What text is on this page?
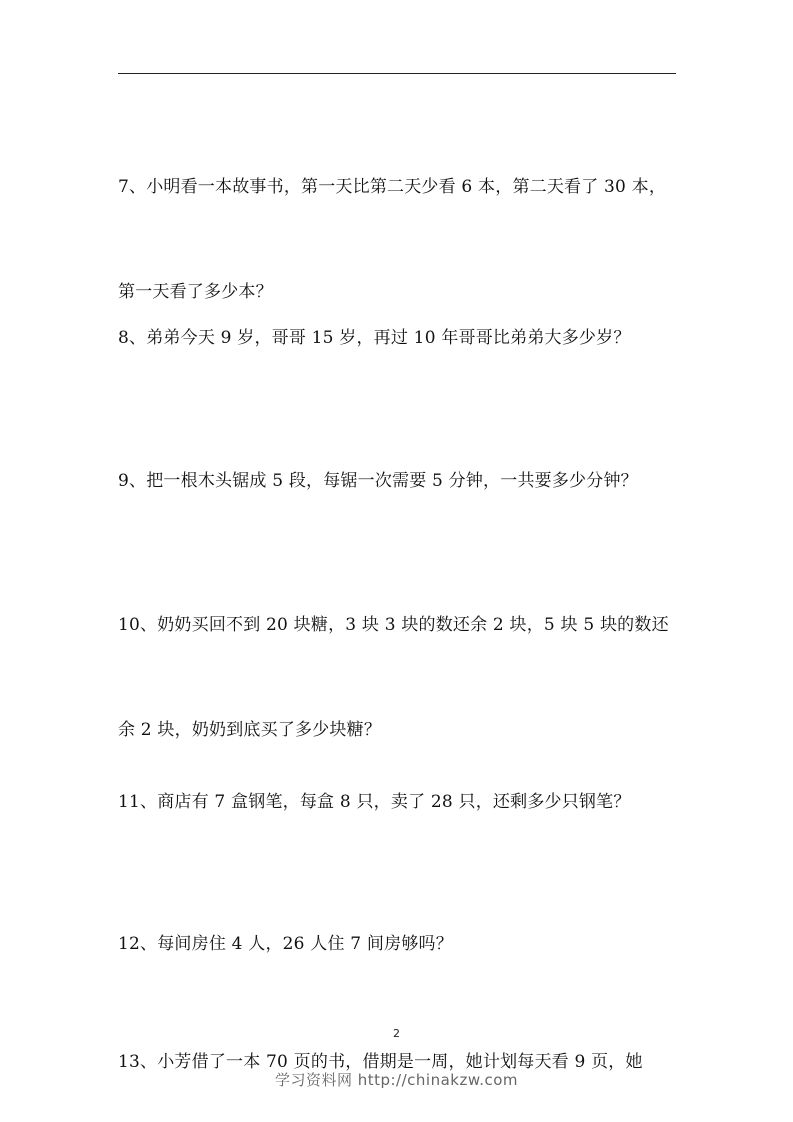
7、小明看一本故事书，第一天比第二天少看 6 本，第二天看了 30 本，

第一天看了多少本？

8、弟弟今天 9 岁，哥哥 15 岁，再过 10 年哥哥比弟弟大多少岁？

9、把一根木头锯成 5 段，每锯一次需要 5 分钟，一共要多少分钟？

10、奶奶买回不到 20 块糖，3 块 3 块的数还余 2 块，5 块 5 块的数还

余 2 块，奶奶到底买了多少块糖？

11、商店有 7 盒钢笔，每盒 8 只，卖了 28 只，还剩多少只钢笔？

12、每间房住 4 人，26 人住 7 间房够吗？

13、小芳借了一本 70 页的书，借期是一周，她计划每天看 9 页，她

2
学习资料网 http://chinakzw.com
